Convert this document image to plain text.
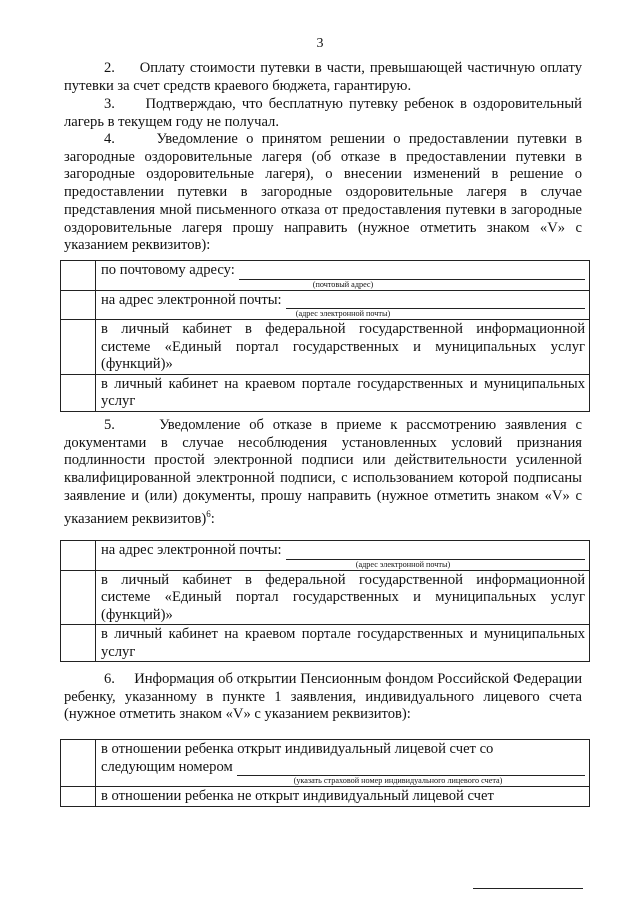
3
2.     Оплату стоимости путевки в части, превышающей частичную оплату путевки за счет средств краевого бюджета, гарантирую.
3.     Подтверждаю, что бесплатную путевку ребенок в оздоровительный лагерь в текущем году не получал.
4.     Уведомление о принятом решении о предоставлении путевки в загородные оздоровительные лагеря (об отказе в предоставлении путевки в загородные оздоровительные лагеря), о внесении изменений в решение о предоставлении путевки в загородные оздоровительные лагеря в случае представления мной письменного отказа от предоставления путевки в загородные оздоровительные лагеря прошу направить (нужное отметить знаком «V» с указанием реквизитов):

	по почтовому адресу:
(почтовый адрес)

	на адрес электронной почты:
(адрес электронной почты)

	в личный кабинет в федеральной государственной информационной
системе «Единый портал государственных и муниципальных услуг
(функций)»

	в личный кабинет на краевом портале государственных и муниципальных
услуг
5.     Уведомление об отказе в приеме к рассмотрению заявления с документами в случае несоблюдения установленных условий признания подлинности простой электронной подписи или действительности усиленной квалифицированной электронной подписи, с использованием которой подписаны заявление и (или) документы, прошу направить (нужное отметить знаком «V» с указанием реквизитов)$^6$:

	на адрес электронной почты:
(адрес электронной почты)

	в личный кабинет в федеральной государственной информационной
системе «Единый портал государственных и муниципальных услуг
(функций)»

	в личный кабинет на краевом портале государственных и муниципальных
услуг
6.     Информация об открытии Пенсионным фондом Российской Федерации ребенку, указанному в пункте 1 заявления, индивидуального лицевого счета (нужное отметить знаком «V» с указанием реквизитов):

	в отношении ребенка открыт индивидуальный лицевой счет со
следующим номером
(указать страховой номер индивидуального лицевого счета)

	в отношении ребенка не открыт индивидуальный лицевой счет
